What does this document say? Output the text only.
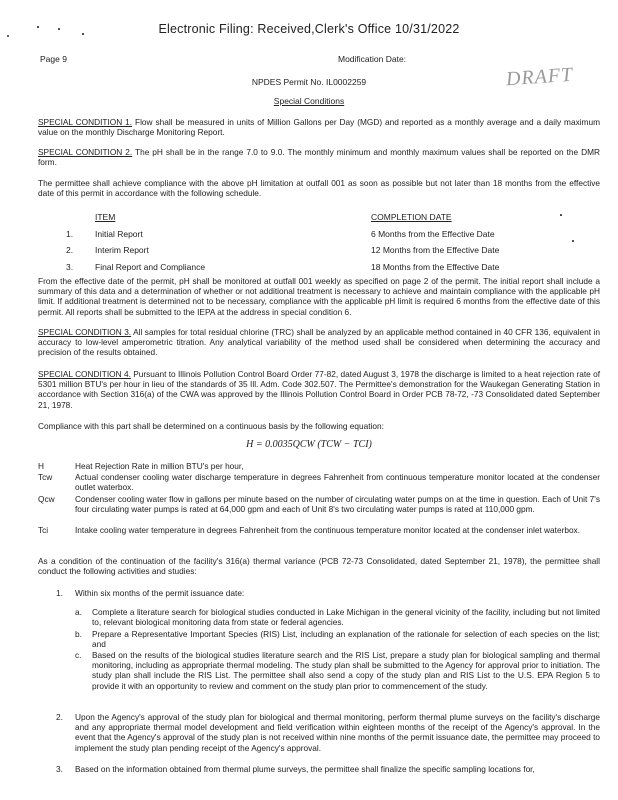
Electronic Filing: Received,Clerk's Office 10/31/2022
Page 9	Modification Date:
DRAFT
NPDES Permit No. IL0002259
Special Conditions
SPECIAL CONDITION 1. Flow shall be measured in units of Million Gallons per Day (MGD) and reported as a monthly average and a daily maximum value on the monthly Discharge Monitoring Report.
SPECIAL CONDITION 2. The pH shall be in the range 7.0 to 9.0. The monthly minimum and monthly maximum values shall be reported on the DMR form.
The permittee shall achieve compliance with the above pH limitation at outfall 001 as soon as possible but not later than 18 months from the effective date of this permit in accordance with the following schedule.
ITEM	COMPLETION DATE
1.	Initial Report	6 Months from the Effective Date
2.	Interim Report	12 Months from the Effective Date
3.	Final Report and Compliance	18 Months from the Effective Date
From the effective date of the permit, pH shall be monitored at outfall 001 weekly as specified on page 2 of the permit. The initial report shall include a summary of this data and a determination of whether or not additional treatment is necessary to achieve and maintain compliance with the applicable pH limit. If additional treatment is determined not to be necessary, compliance with the applicable pH limit is required 6 months from the effective date of this permit. All reports shall be submitted to the IEPA at the address in special condition 6.
SPECIAL CONDITION 3. All samples for total residual chlorine (TRC) shall be analyzed by an applicable method contained in 40 CFR 136, equivalent in accuracy to low-level amperometric titration. Any analytical variability of the method used shall be considered when determining the accuracy and precision of the results obtained.
SPECIAL CONDITION 4. Pursuant to Illinois Pollution Control Board Order 77-82, dated August 3, 1978 the discharge is limited to a heat rejection rate of 5301 million BTU's per hour in lieu of the standards of 35 Ill. Adm. Code 302.507. The Permittee's demonstration for the Waukegan Generating Station in accordance with Section 316(a) of the CWA was approved by the Illinois Pollution Control Board in Order PCB 78-72, -73 Consolidated dated September 21, 1978.
Compliance with this part shall be determined on a continuous basis by the following equation:
H = 0.0035QCW (TCW − TCI)
H	Heat Rejection Rate in million BTU's per hour,
Tcw	Actual condenser cooling water discharge temperature in degrees Fahrenheit from continuous temperature monitor located at the condenser outlet waterbox.
Qcw	Condenser cooling water flow in gallons per minute based on the number of circulating water pumps on at the time in question. Each of Unit 7's four circulating water pumps is rated at 64,000 gpm and each of Unit 8's two circulating water pumps is rated at 110,000 gpm.
Tci	Intake cooling water temperature in degrees Fahrenheit from the continuous temperature monitor located at the condenser inlet waterbox.
As a condition of the continuation of the facility's 316(a) thermal variance (PCB 72-73 Consolidated, dated September 21, 1978), the permittee shall conduct the following activities and studies:
1. Within six months of the permit issuance date:
a. Complete a literature search for biological studies conducted in Lake Michigan in the general vicinity of the facility, including but not limited to, relevant biological monitoring data from state or federal agencies.
b. Prepare a Representative Important Species (RIS) List, including an explanation of the rationale for selection of each species on the list; and
c. Based on the results of the biological studies literature search and the RIS List, prepare a study plan for biological sampling and thermal monitoring, including as appropriate thermal modeling. The study plan shall be submitted to the Agency for approval prior to initiation. The study plan shall include the RIS List. The permittee shall also send a copy of the study plan and RIS List to the U.S. EPA Region 5 to provide it with an opportunity to review and comment on the study plan prior to commencement of the study.
2. Upon the Agency's approval of the study plan for biological and thermal monitoring, perform thermal plume surveys on the facility's discharge and any appropriate thermal model development and field verification within eighteen months of the receipt of the Agency's approval. In the event that the Agency's approval of the study plan is not received within nine months of the permit issuance date, the permittee may proceed to implement the study plan pending receipt of the Agency's approval.
3. Based on the information obtained from thermal plume surveys, the permittee shall finalize the specific sampling locations for,
